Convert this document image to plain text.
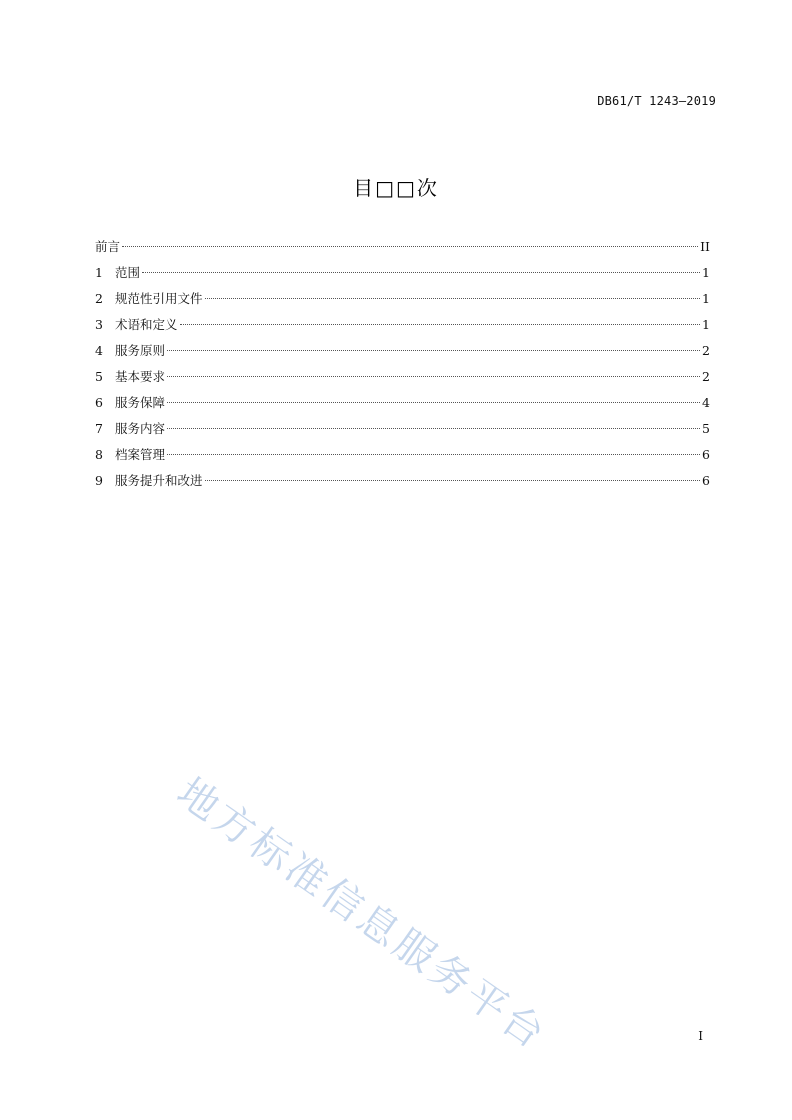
DB61/T 1243—2019
目□□次
前言	II
1 范围	1
2 规范性引用文件	1
3 术语和定义	1
4 服务原则	2
5 基本要求	2
6 服务保障	4
7 服务内容	5
8 档案管理	6
9 服务提升和改进	6
地方标准信息服务平台	I
